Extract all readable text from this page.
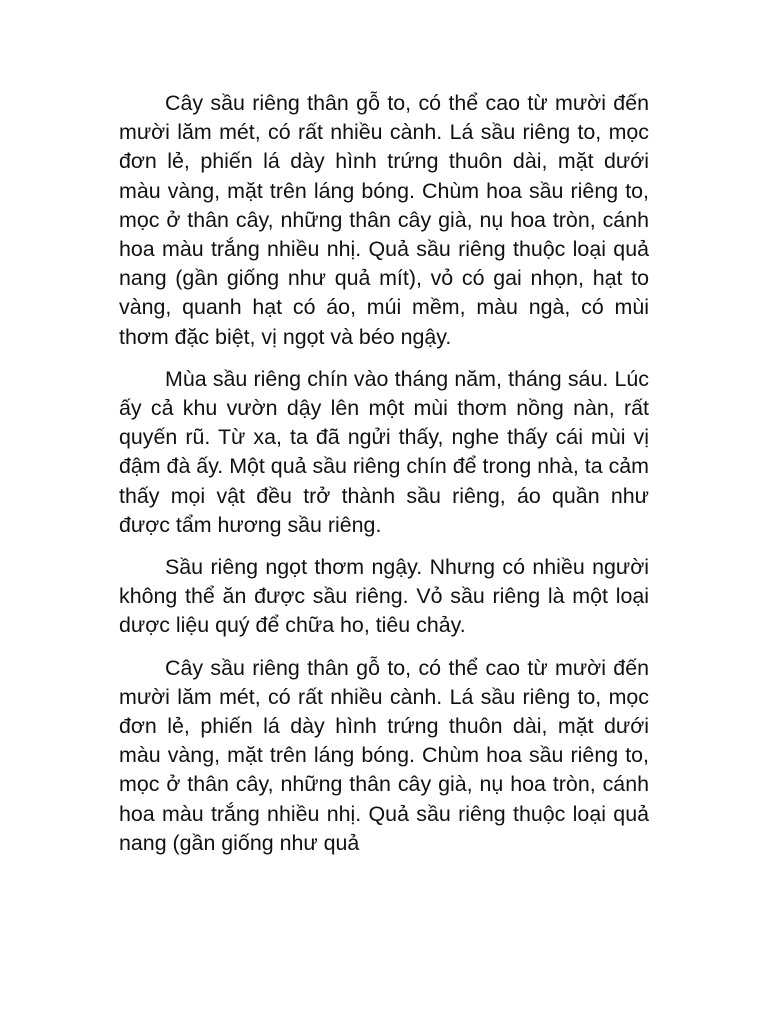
Cây sầu riêng thân gỗ to, có thể cao từ mười đến mười lăm mét, có rất nhiều cành. Lá sầu riêng to, mọc đơn lẻ, phiến lá dày hình trứng thuôn dài, mặt dưới màu vàng, mặt trên láng bóng. Chùm hoa sầu riêng to, mọc ở thân cây, những thân cây già, nụ hoa tròn, cánh hoa màu trắng nhiều nhị. Quả sầu riêng thuộc loại quả nang (gần giống như quả mít), vỏ có gai nhọn, hạt to vàng, quanh hạt có áo, múi mềm, màu ngà, có mùi thơm đặc biệt, vị ngọt và béo ngậy.

Mùa sầu riêng chín vào tháng năm, tháng sáu. Lúc ấy cả khu vườn dậy lên một mùi thơm nồng nàn, rất quyến rũ. Từ xa, ta đã ngửi thấy, nghe thấy cái mùi vị đậm đà ấy. Một quả sầu riêng chín để trong nhà, ta cảm thấy mọi vật đều trở thành sầu riêng, áo quần như được tẩm hương sầu riêng.

Sầu riêng ngọt thơm ngậy. Nhưng có nhiều người không thể ăn được sầu riêng. Vỏ sầu riêng là một loại dược liệu quý để chữa ho, tiêu chảy.

Cây sầu riêng thân gỗ to, có thể cao từ mười đến mười lăm mét, có rất nhiều cành. Lá sầu riêng to, mọc đơn lẻ, phiến lá dày hình trứng thuôn dài, mặt dưới màu vàng, mặt trên láng bóng. Chùm hoa sầu riêng to, mọc ở thân cây, những thân cây già, nụ hoa tròn, cánh hoa màu trắng nhiều nhị. Quả sầu riêng thuộc loại quả nang (gần giống như quả
